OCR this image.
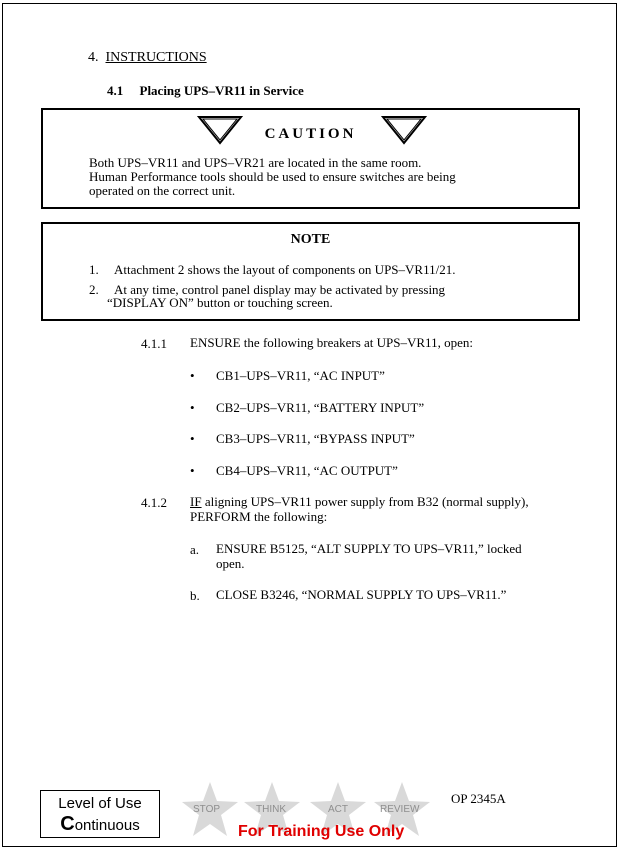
4. INSTRUCTIONS
4.1 Placing UPS–VR11 in Service
CAUTION
Both UPS–VR11 and UPS–VR21 are located in the same room.
Human Performance tools should be used to ensure switches are being
operated on the correct unit.
NOTE
1. Attachment 2 shows the layout of components on UPS–VR11/21.
2. At any time, control panel display may be activated by pressing
“DISPLAY ON” button or touching screen.
4.1.1 ENSURE the following breakers at UPS–VR11, open:
• CB1–UPS–VR11, “AC INPUT”
• CB2–UPS–VR11, “BATTERY INPUT”
• CB3–UPS–VR11, “BYPASS INPUT”
• CB4–UPS–VR11, “AC OUTPUT”
4.1.2 IF aligning UPS–VR11 power supply from B32 (normal supply),
PERFORM the following:
a. ENSURE B5125, “ALT SUPPLY TO UPS–VR11,” locked
open.
b. CLOSE B3246, “NORMAL SUPPLY TO UPS–VR11.”
Level of Use
Continuous
STOP	THINK	ACT	REVIEW
OP 2345A
For Training Use Only
